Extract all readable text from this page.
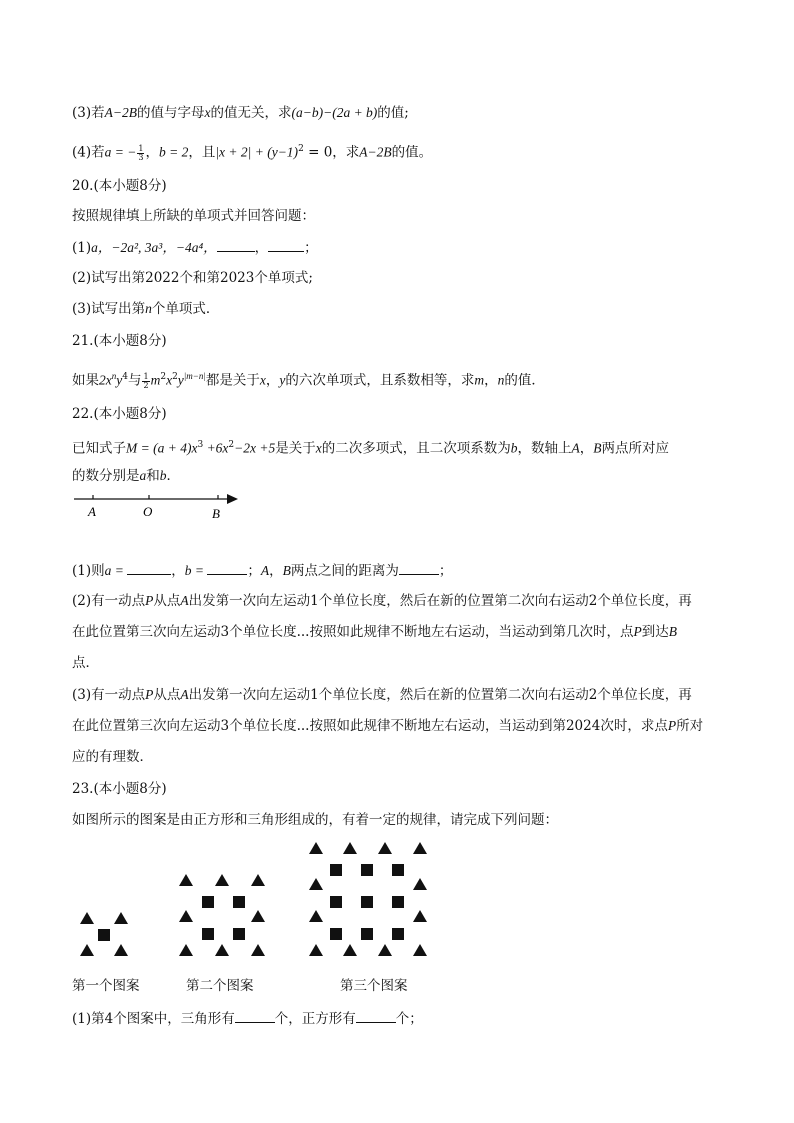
(3)若A−2B的值与字母x的值无关，求(a−b)−(2a + b)的值;
(4)若a = − $\frac{1}{3}$ ，b = 2，且$|x + 2| + (y-1)^2 = 0$，求A−2B的值。
20.(本小题8分)
按照规律填上所缺的单项式并回答问题：
(1)a，−2a², 3a³，−4a⁴，	，	；
(2)试写出第2022个和第2023个单项式;
(3)试写出第n个单项式．
21.(本小题8分)
如果$2x^ny^4$与 $\frac{1}{2} m^2x^2y^{|m-n|}$都是关于x，y的六次单项式，且系数相等，求m，n的值．
22.(本小题8分)
已知式子$M = (a + 4)x^3 +6x^2-2x +5$是关于x的二次多项式，且二次项系数为b，数轴上A，B两点所对应
的数分别是a和b．
A	O	B
(1)则a =	，b =	；A，B两点之间的距离为	；
(2)有一动点P从点A出发第一次向左运动1个单位长度，然后在新的位置第二次向右运动2个单位长度，再
在此位置第三次向左运动3个单位长度...按照如此规律不断地左右运动，当运动到第几次时，点P到达B
点．
(3)有一动点P从点A出发第一次向左运动1个单位长度，然后在新的位置第二次向右运动2个单位长度，再
在此位置第三次向左运动3个单位长度...按照如此规律不断地左右运动，当运动到第2024次时，求点P所对
应的有理数．
23.(本小题8分)
如图所示的图案是由正方形和三角形组成的，有着一定的规律，请完成下列问题：
第一个图案	第二个图案	第三个图案
(1)第4个图案中，三角形有	个，正方形有	个；
